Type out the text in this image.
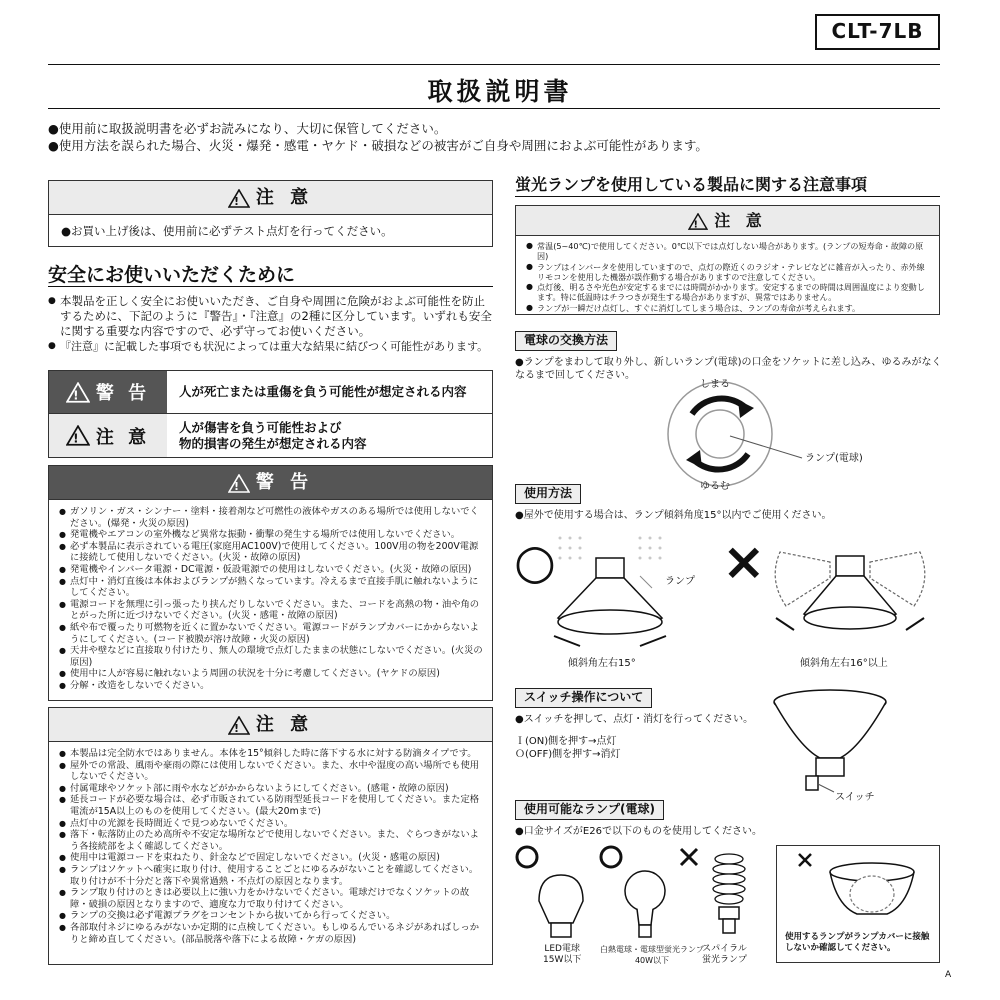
CLT-7LB
取扱説明書
●使用前に取扱説明書を必ずお読みになり、大切に保管してください。
●使用方法を誤られた場合、火災・爆発・感電・ヤケド・破損などの被害がご自身や周囲におよぶ可能性があります。
! 注 意
●お買い上げ後は、使用前に必ずテスト点灯を行ってください。
安全にお使いいただくために
● 本製品を正しく安全にお使いいただき、ご自身や周囲に危険がおよぶ可能性を防止するために、下記のように『警告』・『注意』の2種に区分しています。いずれも安全に関する重要な内容ですので、必ず守ってお使いください。
● 『注意』に記載した事項でも状況によっては重大な結果に結びつく可能性があります。
! 警 告	人が死亡または重傷を負う可能性が想定される内容
! 注 意	人が傷害を負う可能性および
物的損害の発生が想定される内容
! 警 告
● ガソリン・ガス・シンナー・塗料・接着剤など可燃性の液体やガスのある場所では使用しないでください。(爆発・火災の原因)
● 発電機やエアコンの室外機など異常な振動・衝撃の発生する場所では使用しないでください。
● 必ず本製品に表示されている電圧(家庭用AC100V)で使用してください。100V用の物を200V電源に接続して使用しないでください。(火災・故障の原因)
● 発電機やインバータ電源・DC電源・仮設電源での使用はしないでください。(火災・故障の原因)
● 点灯中・消灯直後は本体およびランプが熱くなっています。冷えるまで直接手肌に触れないようにしてください。
● 電源コードを無理に引っ張ったり挟んだりしないでください。また、コードを高熱の物・油や角のとがった所に近づけないでください。(火災・感電・故障の原因)
● 紙や布で覆ったり可燃物を近くに置かないでください。電源コードがランプカバーにかからないようにしてください。(コード被膜が溶け故障・火災の原因)
● 天井や壁などに直接取り付けたり、無人の環境で点灯したままの状態にしないでください。(火災の原因)
● 使用中に人が容易に触れないよう周囲の状況を十分に考慮してください。(ヤケドの原因)
● 分解・改造をしないでください。
! 注 意
● 本製品は完全防水ではありません。本体を15°傾斜した時に落下する水に対する防滴タイプです。
● 屋外での常設、風雨や豪雨の際には使用しないでください。また、水中や湿度の高い場所でも使用しないでください。
● 付属電球やソケット部に雨や水などがかからないようにしてください。(感電・故障の原因)
● 延長コードが必要な場合は、必ず市販されている防雨型延長コードを使用してください。また定格電流が15A以上のものを使用してください。(最大20mまで)
● 点灯中の光源を長時間近くで見つめないでください。
● 落下・転落防止のため高所や不安定な場所などで使用しないでください。また、ぐらつきがないよう各接続部をよく確認してください。
● 使用中は電源コードを束ねたり、針金などで固定しないでください。(火災・感電の原因)
● ランプはソケットへ確実に取り付け、使用することごとにゆるみがないことを確認してください。取り付けが不十分だと落下や異常過熱・不点灯の原因となります。
● ランプ取り付けのときは必要以上に強い力をかけないでください。電球だけでなくソケットの故障・破損の原因となりますので、適度な力で取り付けてください。
● ランプの交換は必ず電源プラグをコンセントから抜いてから行ってください。
● 各部取付ネジにゆるみがないか定期的に点検してください。もしゆるんでいるネジがあればしっかりと締め直してください。(部品脱落や落下による故障・ケガの原因)
蛍光ランプを使用している製品に関する注意事項
! 注 意
● 常温(5~40℃)で使用してください。0℃以下では点灯しない場合があります。(ランプの短寿命・故障の原因)
● ランプはインバータを使用していますので、点灯の際近くのラジオ・テレビなどに雑音が入ったり、赤外線リモコンを使用した機器が誤作動する場合がありますので注意してください。
● 点灯後、明るさや光色が安定するまでには時間がかかります。安定するまでの時間は周囲温度により変動します。特に低温時はチラつきが発生する場合がありますが、異常ではありません。
● ランプが一瞬だけ点灯し、すぐに消灯してしまう場合は、ランプの寿命が考えられます。
電球の交換方法
●ランプをまわして取り外し、新しいランプ(電球)の口金をソケットに差し込み、ゆるみがなくなるまで回してください。
しまる
ゆるむ
ランプ(電球)
使用方法
●屋外で使用する場合は、ランプ傾斜角度15°以内でご使用ください。
○	×
ランプ
傾斜角左右15°	傾斜角左右16°以上
スイッチ操作について
●スイッチを押して、点灯・消灯を行ってください。
Ｉ(ON)側を押す→点灯
Ｏ(OFF)側を押す→消灯
スイッチ
使用可能なランプ(電球)
●口金サイズがE26で以下のものを使用してください。
LED電球
15W以下
白熱電球・電球型蛍光ランプ
40W以下
スパイラル
蛍光ランプ
使用するランプがランプカバーに接触しないか確認してください。
A
